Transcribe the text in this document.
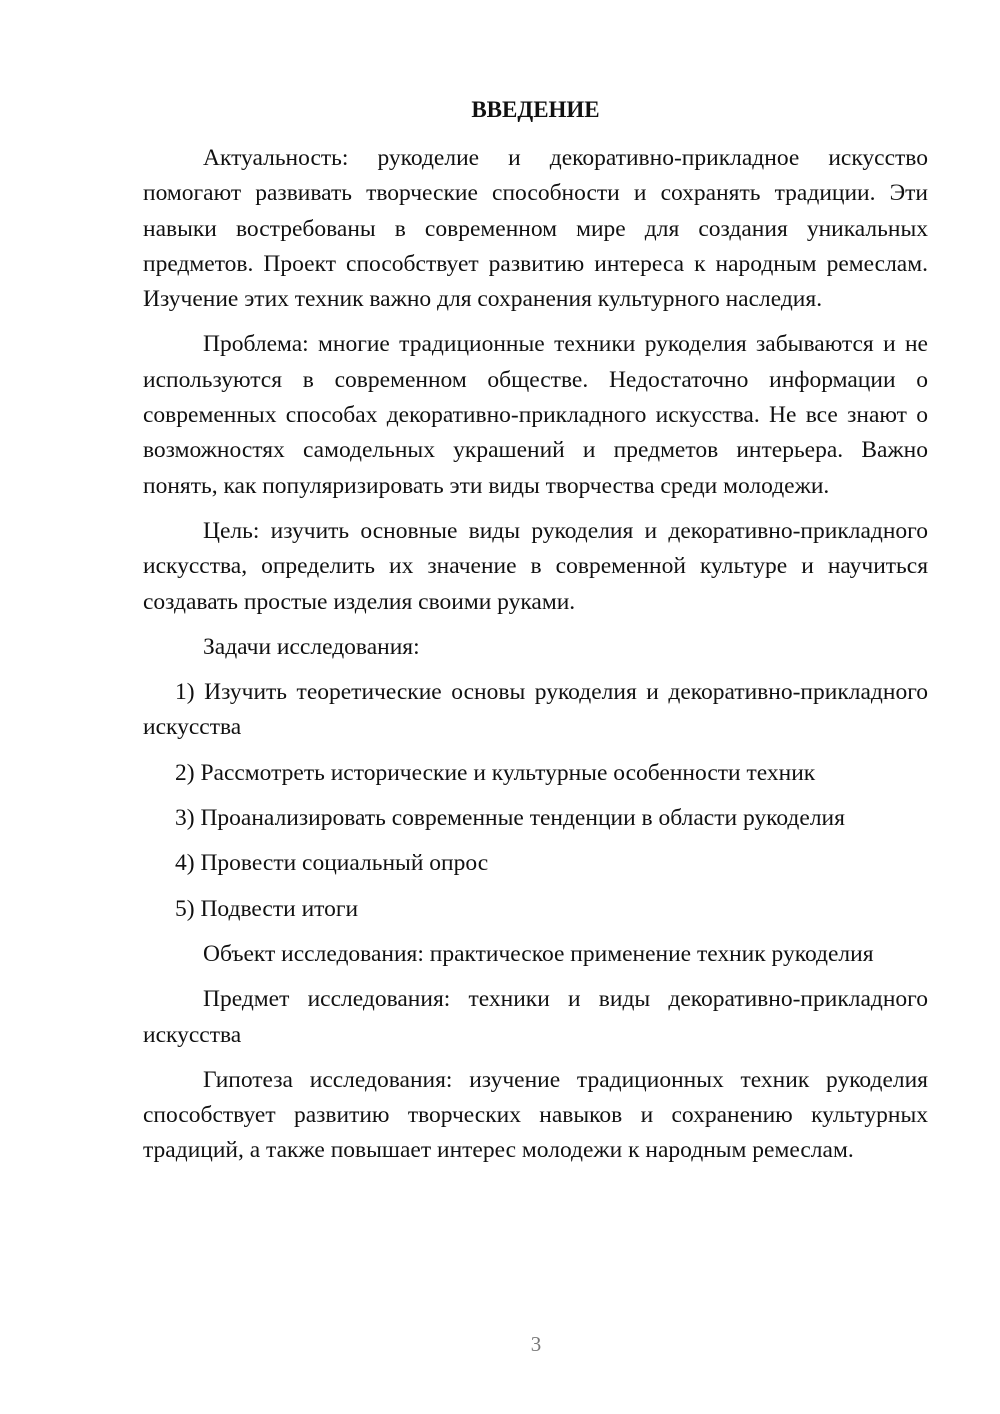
ВВЕДЕНИЕ

Актуальность: рукоделие и декоративно-прикладное искусство помогают развивать творческие способности и сохранять традиции. Эти навыки востребованы в современном мире для создания уникальных предметов. Проект способствует развитию интереса к народным ремеслам. Изучение этих техник важно для сохранения культурного наследия.

Проблема: многие традиционные техники рукоделия забываются и не используются в современном обществе. Недостаточно информации о современных способах декоративно-прикладного искусства. Не все знают о возможностях самодельных украшений и предметов интерьера. Важно понять, как популяризировать эти виды творчества среди молодежи.

Цель: изучить основные виды рукоделия и декоративно-прикладного искусства, определить их значение в современной культуре и научиться создавать простые изделия своими руками.

Задачи исследования:

1) Изучить теоретические основы рукоделия и декоративно-прикладного искусства

2) Рассмотреть исторические и культурные особенности техник

3) Проанализировать современные тенденции в области рукоделия

4) Провести социальный опрос

5) Подвести итоги

Объект исследования: практическое применение техник рукоделия

Предмет исследования: техники и виды декоративно-прикладного искусства

Гипотеза исследования: изучение традиционных техник рукоделия способствует развитию творческих навыков и сохранению культурных традиций, а также повышает интерес молодежи к народным ремеслам.

3
